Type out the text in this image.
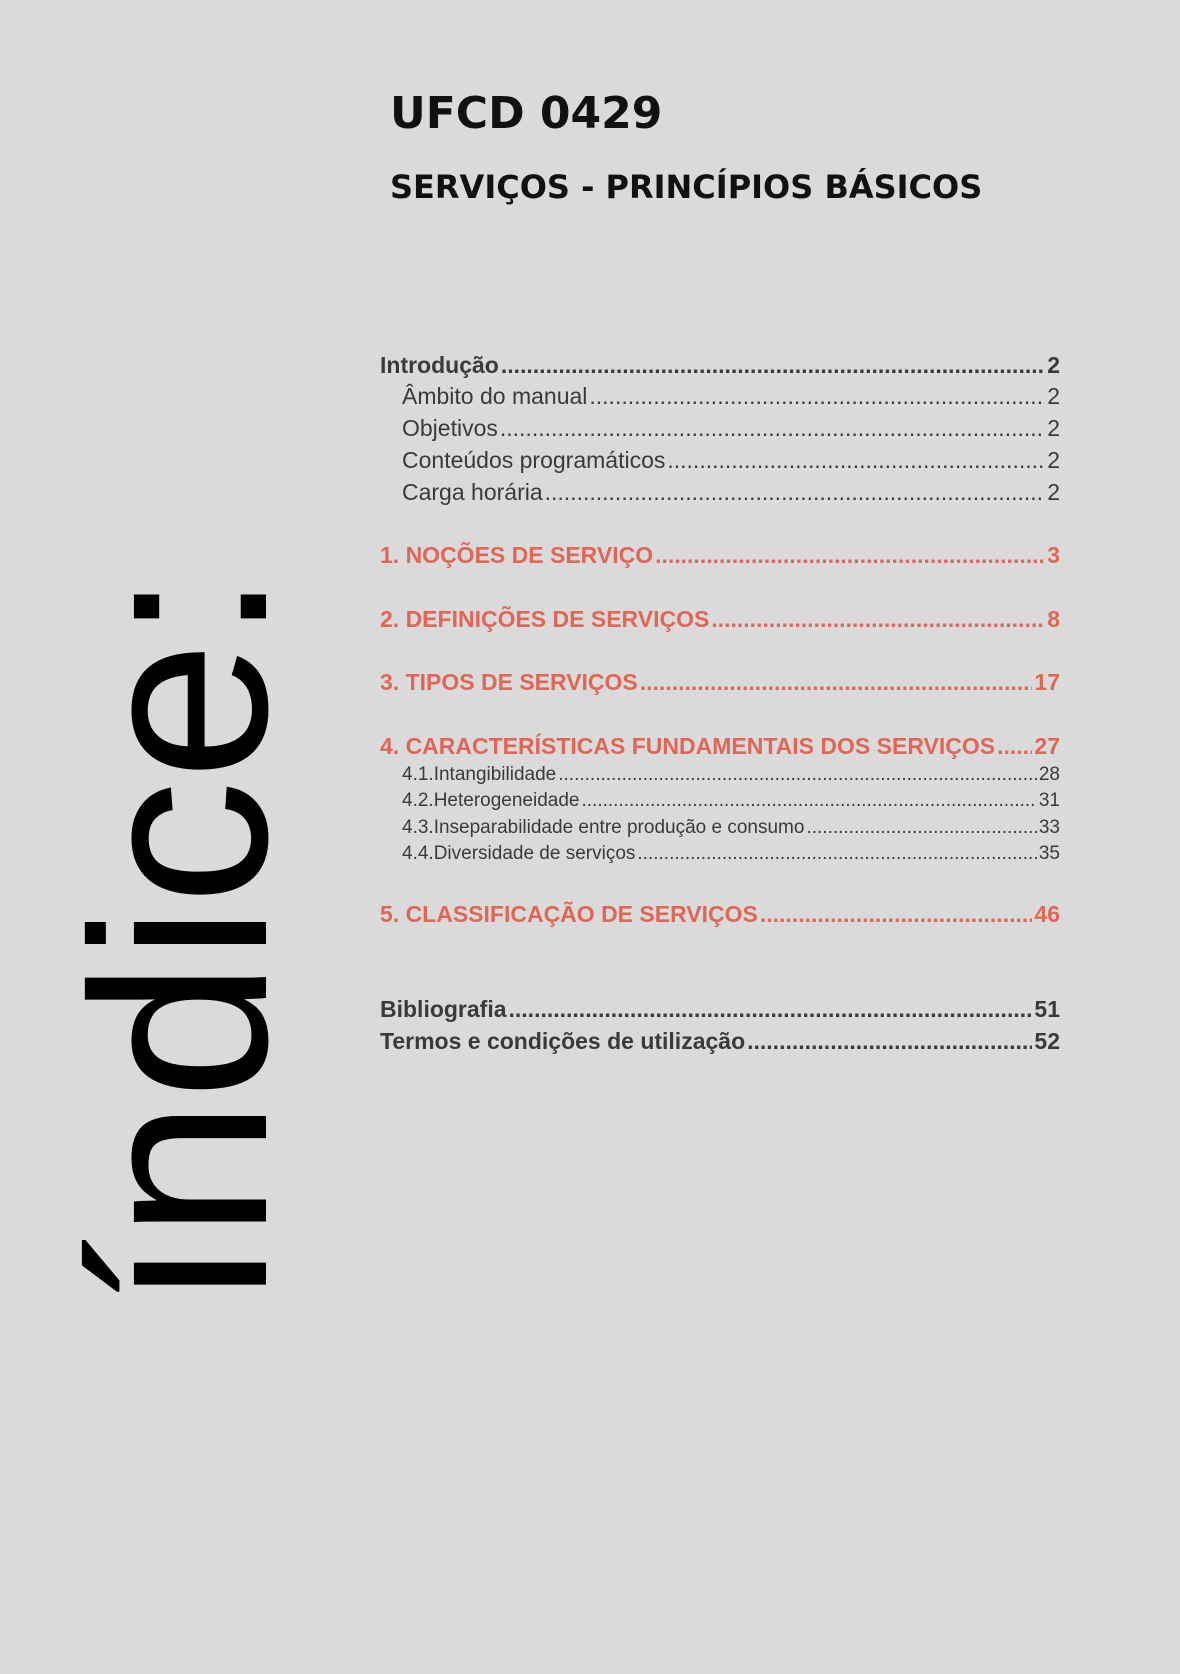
UFCD 0429
SERVIÇOS - PRINCÍPIOS BÁSICOS
índice:
Introdução .....	2
Âmbito do manual .....	2
Objetivos .....	2
Conteúdos programáticos .....	2
Carga horária .....	2
1. NOÇÕES DE SERVIÇO .....	3
2. DEFINIÇÕES DE SERVIÇOS .....	8
3. TIPOS DE SERVIÇOS .....	17
4. CARACTERÍSTICAS FUNDAMENTAIS DOS SERVIÇOS ..... 27
4.1.Intangibilidade .....	28
4.2.Heterogeneidade .....	31
4.3.Inseparabilidade entre produção e consumo .....	33
4.4.Diversidade de serviços .....	35
5. CLASSIFICAÇÃO DE SERVIÇOS .....	46
Bibliografia .....	51
Termos e condições de utilização .....	52
